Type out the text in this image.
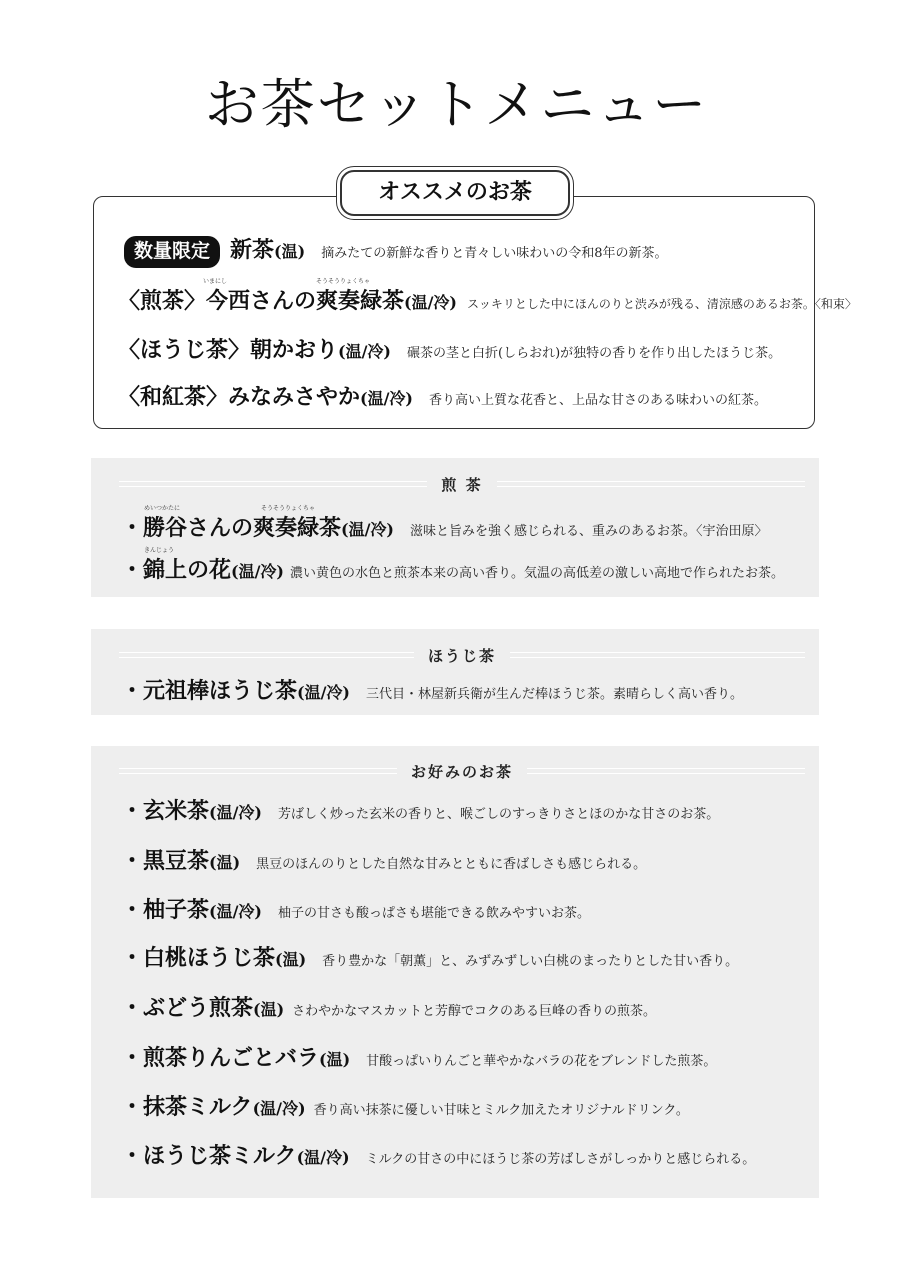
お茶セットメニュー
オススメのお茶
数量限定 新茶 (温) 摘みたての新鮮な香りと青々しい味わいの令和8年の新茶。
いまにし	そうそうりょくちゃ
〈煎茶〉今西さんの爽奏緑茶 (温/冷) スッキリとした中にほんのりと渋みが残る、清涼感のあるお茶。〈和束〉
〈ほうじ茶〉朝かおり (温/冷) 碾茶の茎と白折(しらおれ)が独特の香りを作り出したほうじ茶。
〈和紅茶〉みなみさやか (温/冷) 香り高い上質な花香と、上品な甘さのある味わいの紅茶。
煎 茶
めいつかたに	そうそうりょくちゃ
・勝谷さんの爽奏緑茶 (温/冷) 滋味と旨みを強く感じられる、重みのあるお茶。〈宇治田原〉
きんじょう
・錦上の花 (温/冷) 濃い黄色の水色と煎茶本来の高い香り。気温の高低差の激しい高地で作られたお茶。
ほうじ茶
・元祖棒ほうじ茶 (温/冷) 三代目・林屋新兵衛が生んだ棒ほうじ茶。素晴らしく高い香り。
お好みのお茶
・玄米茶 (温/冷) 芳ばしく炒った玄米の香りと、喉ごしのすっきりさとほのかな甘さのお茶。
・黒豆茶 (温) 黒豆のほんのりとした自然な甘みとともに香ばしさも感じられる。
・柚子茶 (温/冷) 柚子の甘さも酸っぱさも堪能できる飲みやすいお茶。
・白桃ほうじ茶 (温) 香り豊かな「朝薫」と、みずみずしい白桃のまったりとした甘い香り。
・ぶどう煎茶 (温) さわやかなマスカットと芳醇でコクのある巨峰の香りの煎茶。
・煎茶りんごとバラ (温) 甘酸っぱいりんごと華やかなバラの花をブレンドした煎茶。
・抹茶ミルク (温/冷) 香り高い抹茶に優しい甘味とミルク加えたオリジナルドリンク。
・ほうじ茶ミルク (温/冷) ミルクの甘さの中にほうじ茶の芳ばしさがしっかりと感じられる。
